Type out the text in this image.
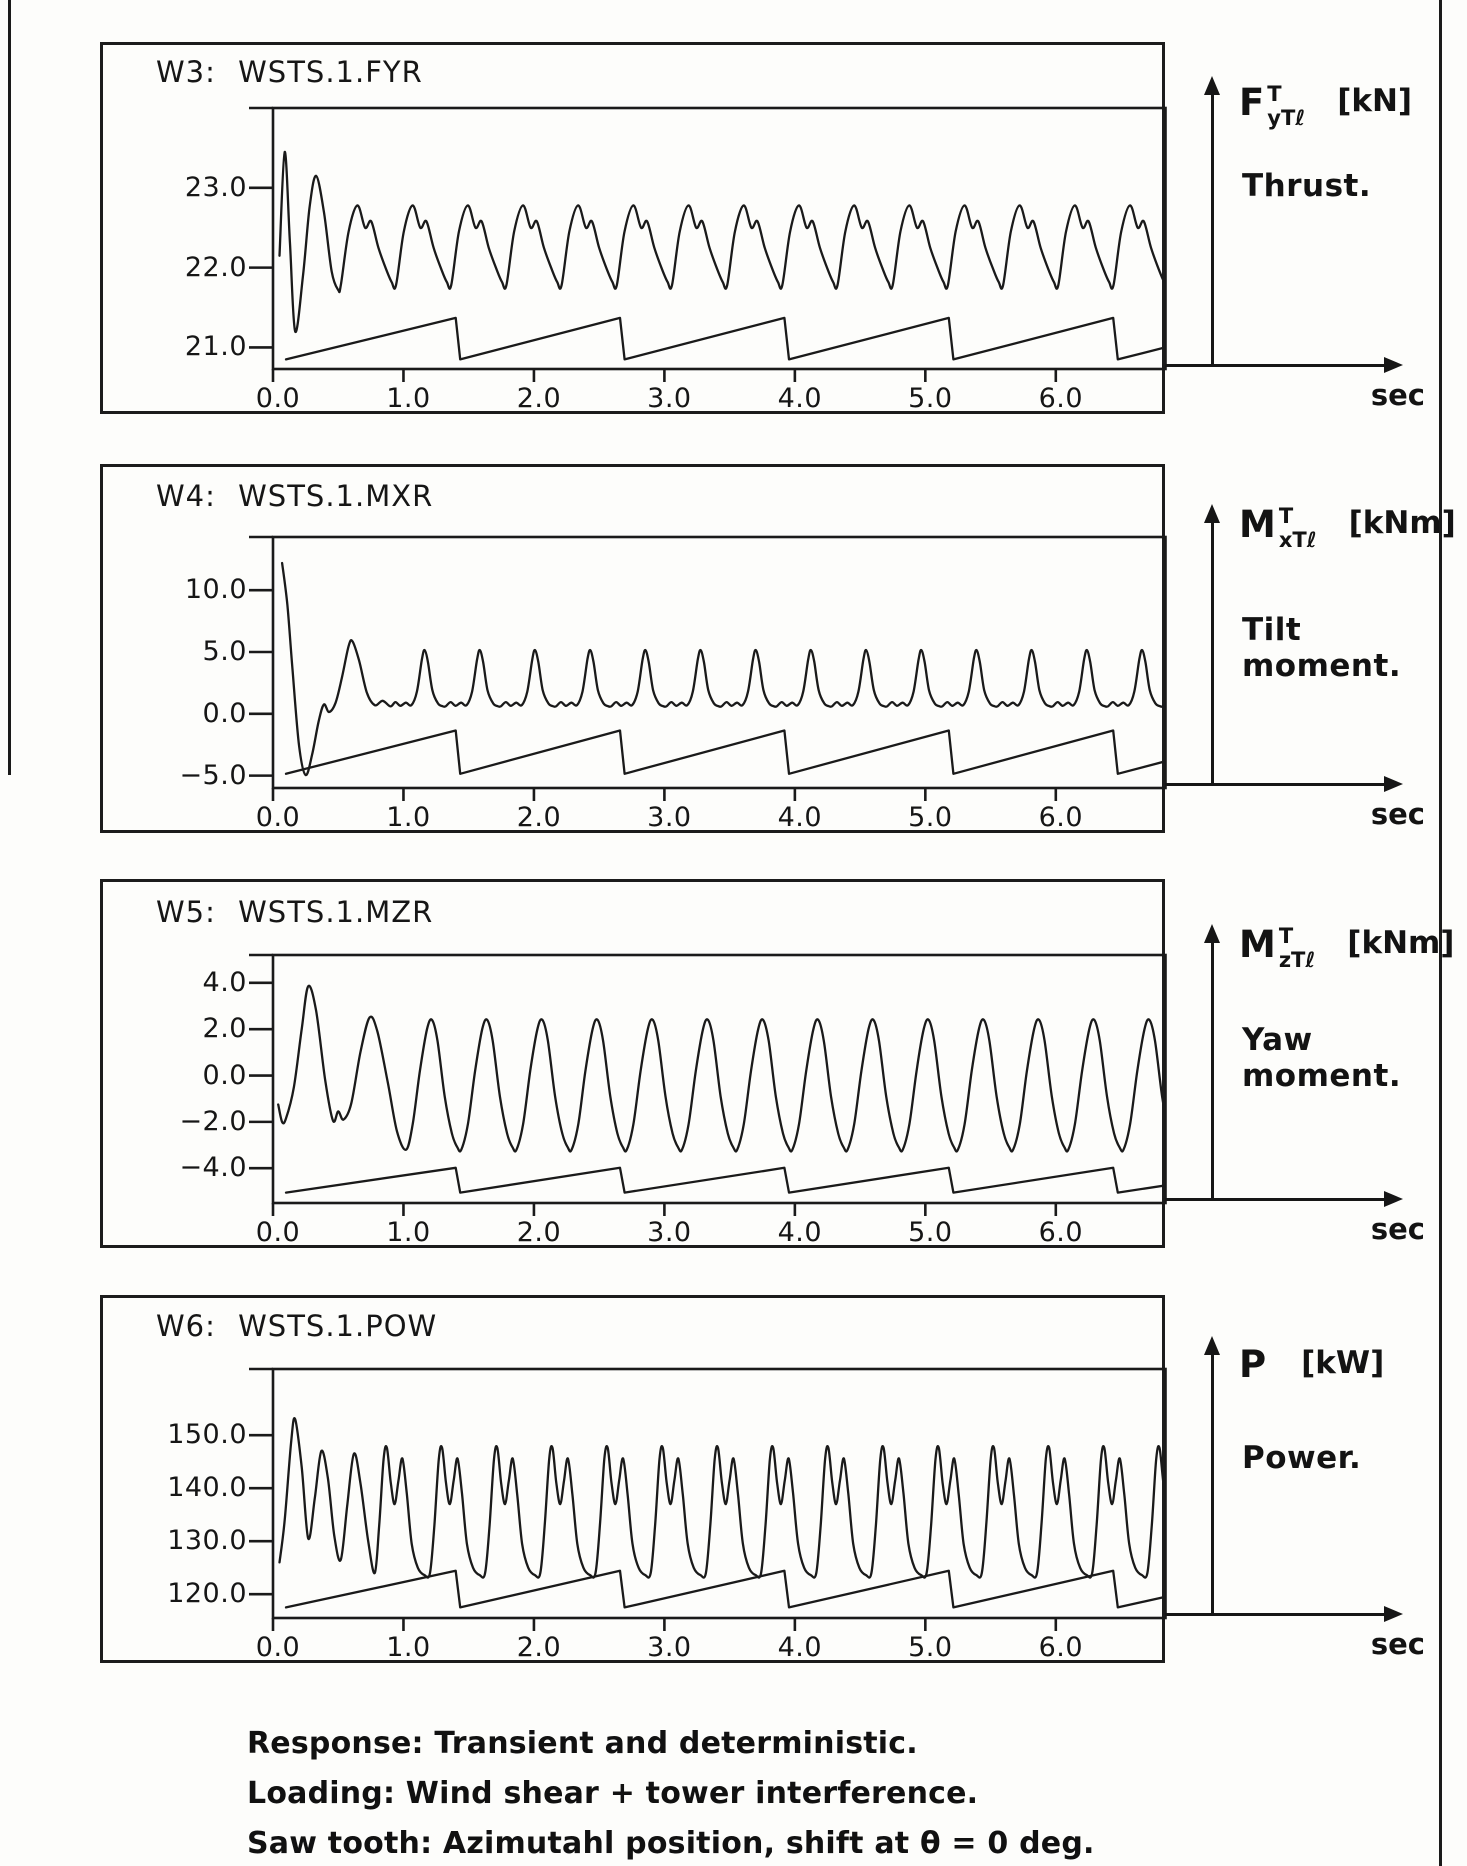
W3: WSTS.1.FYR
23.0
22.0
21.0
0.0	1.0	2.0	3.0	4.0	5.0	6.0
W4: WSTS.1.MXR
10.0
5.0
0.0
−5.0
0.0	1.0	2.0	3.0	4.0	5.0	6.0
W5: WSTS.1.MZR
4.0
2.0
0.0
−2.0
−4.0
0.0	1.0	2.0	3.0	4.0	5.0	6.0
W6: WSTS.1.POW
150.0
140.0
130.0
120.0
0.0	1.0	2.0	3.0	4.0	5.0	6.0
F T
yTℓ [kN]
Thrust.
sec
M T
xTℓ [kNm]
Tilt moment.
sec
M T
zTℓ [kNm]
Yaw moment.
sec
P [kW]
Power.
sec
Response: Transient and deterministic.
Loading: Wind shear + tower interference.
Saw tooth: Azimutahl position, shift at θ = 0 deg.
